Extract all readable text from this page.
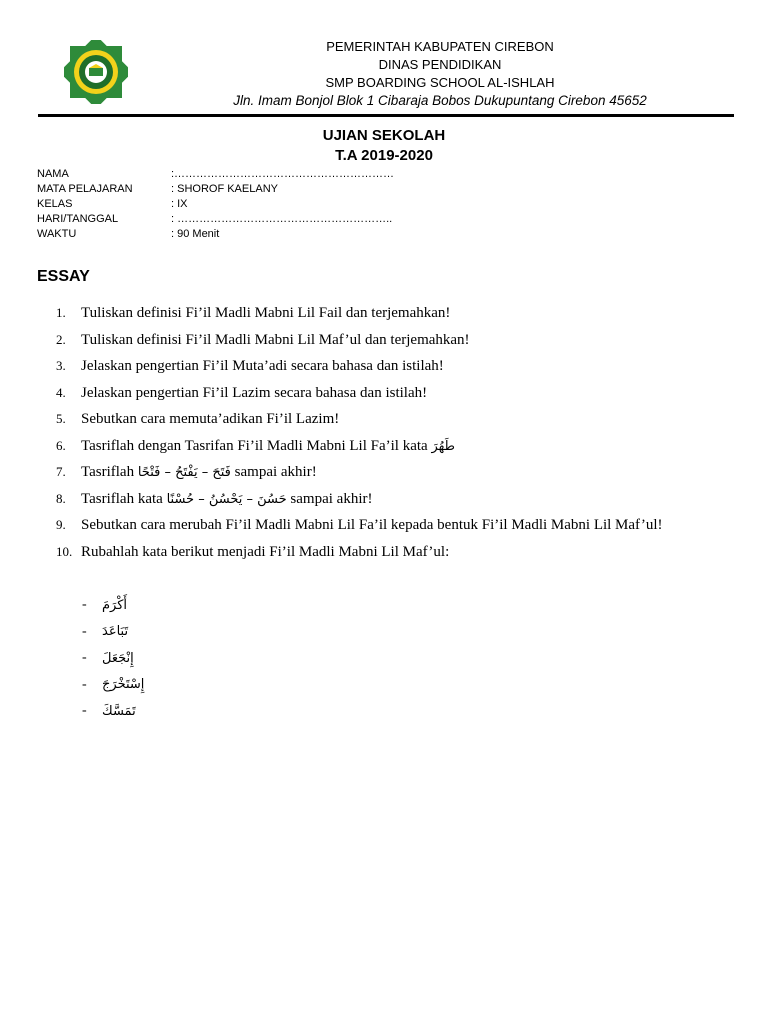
PEMERINTAH KABUPATEN CIREBON
DINAS PENDIDIKAN
SMP BOARDING SCHOOL AL-ISHLAH
Jln. Imam Bonjol Blok 1 Cibaraja Bobos Dukupuntang Cirebon 45652
UJIAN SEKOLAH
T.A 2019-2020
NAMA	:……………………………………………………
MATA PELAJARAN	: SHOROF KAELANY
KELAS	: IX
HARI/TANGGAL	: …………………………………………………..
WAKTU	: 90 Menit
ESSAY
1.	Tuliskan definisi Fi’il Madli Mabni Lil Fail dan terjemahkan!
2.	Tuliskan definisi Fi’il Madli Mabni Lil Maf’ul dan terjemahkan!
3.	Jelaskan pengertian Fi’il Muta’adi secara bahasa dan istilah!
4.	Jelaskan pengertian Fi’il Lazim secara bahasa dan istilah!
5.	Sebutkan cara memuta’adikan Fi’il Lazim!
6.	Tasriflah dengan Tasrifan Fi’il Madli Mabni Lil Fa’il kata طَهُرَ
7.	Tasriflah فَتَحَ – يَفْتَحُ – فَتْحًا sampai akhir!
8.	Tasriflah kata حَسُنَ – يَحْسُنُ – حُسْنًا sampai akhir!
9.	Sebutkan cara merubah Fi’il Madli Mabni Lil Fa’il kepada bentuk Fi’il Madli Mabni Lil Maf’ul!
10. Rubahlah kata berikut menjadi Fi’il Madli Mabni Lil Maf’ul:
-	أَكْرَمَ
-	تَبَاعَدَ
-	إِنْجَعَلَ
-	إِسْتَخْرَجَ
-	تَمَسَّكَ
